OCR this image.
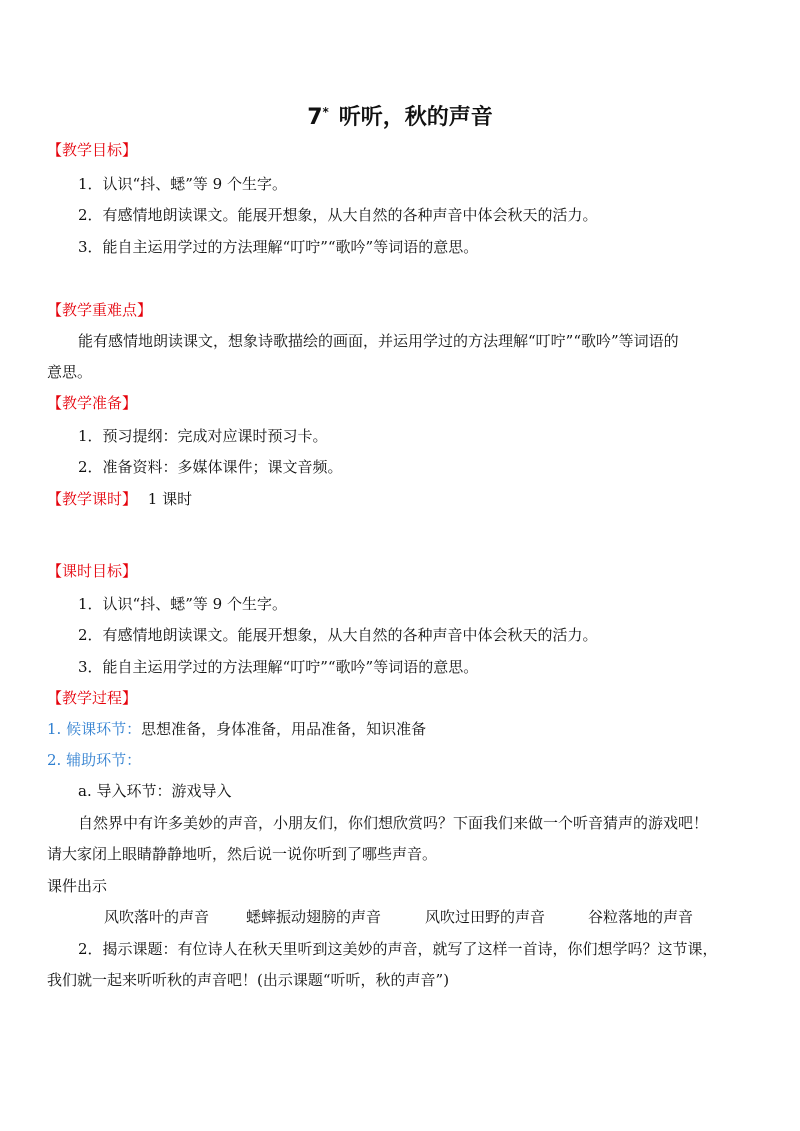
7* 听听，秋的声音
【教学目标】
1．认识“抖、蟋”等 9 个生字。
2．有感情地朗读课文。能展开想象，从大自然的各种声音中体会秋天的活力。
3．能自主运用学过的方法理解“叮咛”“歌吟”等词语的意思。
【教学重难点】
能有感情地朗读课文，想象诗歌描绘的画面，并运用学过的方法理解“叮咛”“歌吟”等词语的
意思。
【教学准备】
1．预习提纲：完成对应课时预习卡。
2．准备资料：多媒体课件；课文音频。
【教学课时】 1 课时
【课时目标】
1．认识“抖、蟋”等 9 个生字。
2．有感情地朗读课文。能展开想象，从大自然的各种声音中体会秋天的活力。
3．能自主运用学过的方法理解“叮咛”“歌吟”等词语的意思。
【教学过程】
1. 候课环节：思想准备，身体准备，用品准备，知识准备
2. 辅助环节：
a. 导入环节：游戏导入
自然界中有许多美妙的声音，小朋友们，你们想欣赏吗？下面我们来做一个听音猜声的游戏吧！
请大家闭上眼睛静静地听，然后说一说你听到了哪些声音。
课件出示
风吹落叶的声音 蟋蟀振动翅膀的声音	风吹过田野的声音	谷粒落地的声音
2．揭示课题：有位诗人在秋天里听到这美妙的声音，就写了这样一首诗，你们想学吗？这节课，
我们就一起来听听秋的声音吧！(出示课题“听听，秋的声音”)
